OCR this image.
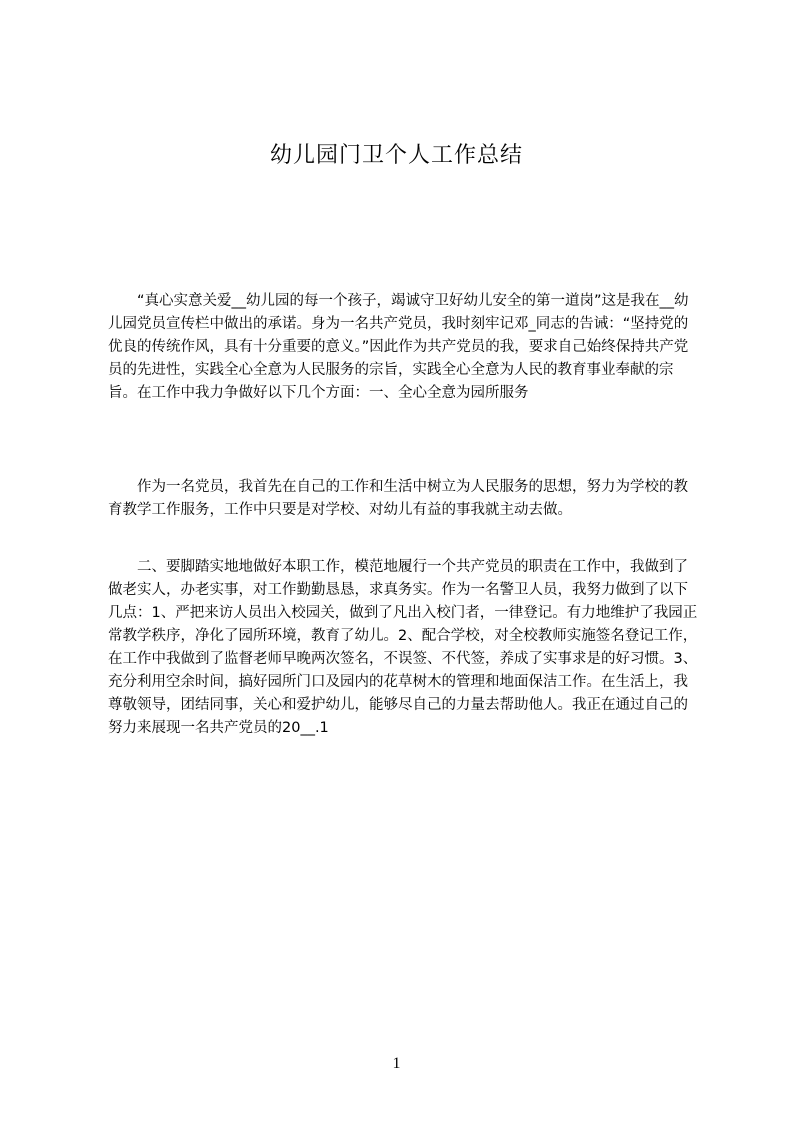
幼儿园门卫个人工作总结

“真心实意关爱__幼儿园的每一个孩子，竭诚守卫好幼儿安全的第一道岗”这是我在__幼儿园党员宣传栏中做出的承诺。身为一名共产党员，我时刻牢记邓_同志的告诫：“坚持党的优良的传统作风，具有十分重要的意义。”因此作为共产党员的我，要求自己始终保持共产党员的先进性，实践全心全意为人民服务的宗旨，实践全心全意为人民的教育事业奉献的宗旨。在工作中我力争做好以下几个方面：一、全心全意为园所服务

作为一名党员，我首先在自己的工作和生活中树立为人民服务的思想，努力为学校的教育教学工作服务，工作中只要是对学校、对幼儿有益的事我就主动去做。

二、要脚踏实地地做好本职工作，模范地履行一个共产党员的职责在工作中，我做到了做老实人，办老实事，对工作勤勤恳恳，求真务实。作为一名警卫人员，我努力做到了以下几点：1、严把来访人员出入校园关，做到了凡出入校门者，一律登记。有力地维护了我园正常教学秩序，净化了园所环境，教育了幼儿。2、配合学校，对全校教师实施签名登记工作，在工作中我做到了监督老师早晚两次签名，不误签、不代签，养成了实事求是的好习惯。3、充分利用空余时间，搞好园所门口及园内的花草树木的管理和地面保洁工作。在生活上，我尊敬领导，团结同事，关心和爱护幼儿，能够尽自己的力量去帮助他人。我正在通过自己的努力来展现一名共产党员的20__.1

1
